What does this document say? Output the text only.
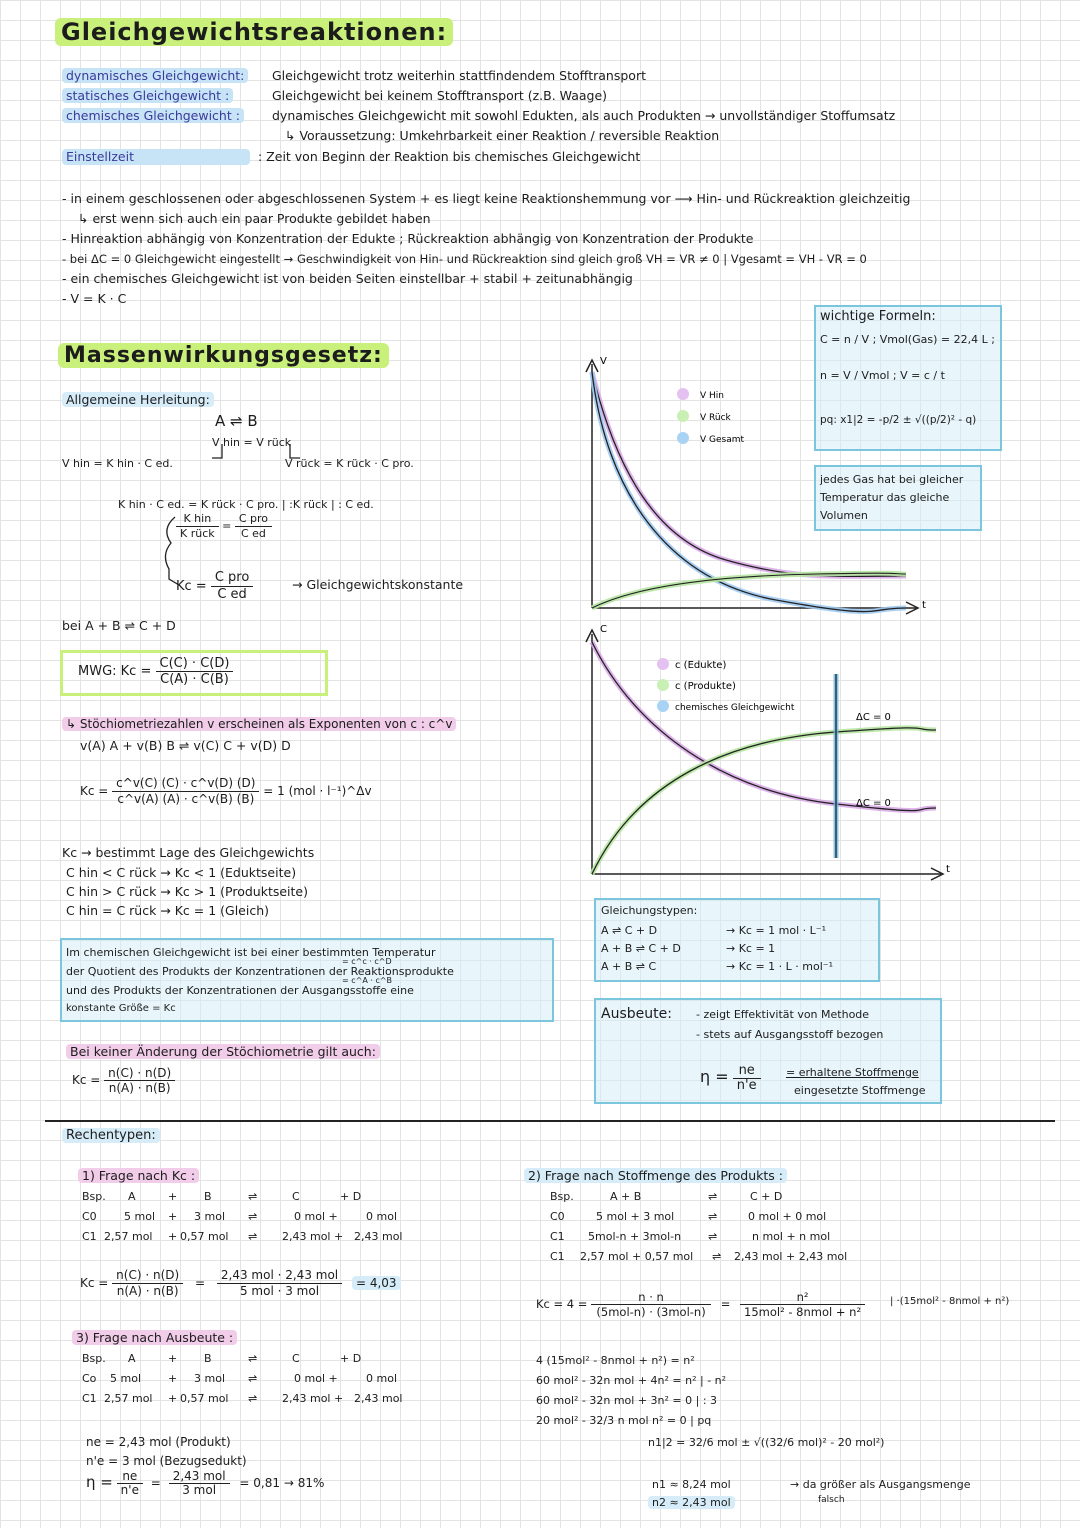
Gleichgewichtsreaktionen:
dynamisches Gleichgewicht:	Gleichgewicht trotz weiterhin stattfindendem Stofftransport
statisches Gleichgewicht :	Gleichgewicht bei keinem Stofftransport (z.B. Waage)
chemisches Gleichgewicht :	dynamisches Gleichgewicht mit sowohl Edukten, als auch Produkten → unvollständiger Stoffumsatz
↳ Voraussetzung: Umkehrbarkeit einer Reaktion / reversible Reaktion
Einstellzeit	: Zeit von Beginn der Reaktion bis chemisches Gleichgewicht
- in einem geschlossenen oder abgeschlossenen System + es liegt keine Reaktionshemmung vor ⟶ Hin- und Rückreaktion gleichzeitig
↳ erst wenn sich auch ein paar Produkte gebildet haben
- Hinreaktion abhängig von Konzentration der Edukte ; Rückreaktion abhängig von Konzentration der Produkte
- bei ΔC = 0 Gleichgewicht eingestellt → Geschwindigkeit von Hin- und Rückreaktion sind gleich groß VH = VR ≠ 0 | Vgesamt = VH - VR = 0
- ein chemisches Gleichgewicht ist von beiden Seiten einstellbar + stabil + zeitunabhängig
- V = K · C
wichtige Formeln:
C = n / V ; Vmol(Gas) = 22,4 L ;
n = V / Vmol ; V = c / t
pq: x1|2 = -p/2 ± √((p/2)² - q)
jedes Gas hat bei gleicher
Temperatur das gleiche
Volumen
Massenwirkungsgesetz:
Allgemeine Herleitung:
A ⇌ B
V hin = V rück
V hin = K hin · C ed.	V rück = K rück · C pro.
K hin · C ed. = K rück · C pro. | :K rück | : C ed.
$\frac{\text{K hin}}{\text{K rück}} = \frac{\text{C pro}}{\text{C ed}}$
$Kc = \frac{\text{C pro}}{\text{C ed}}$	→ Gleichgewichtskonstante
bei A + B ⇌ C + D
MWG: $Kc = \frac{C(C) \cdot C(D)}{C(A) \cdot C(B)}$
↳ Stöchiometriezahlen v erscheinen als Exponenten von c : c^v
v(A) A + v(B) B ⇌ v(C) C + v(D) D
$Kc = \frac{c\^{}v(C) (C) \cdot c\^{}v(D) (D)}{c\^{}v(A) (A) \cdot c\^{}v(B) (B)} = 1$ (mol · l⁻¹)^Δv
Kc → bestimmt Lage des Gleichgewichts
C hin < C rück → Kc < 1 (Eduktseite)
C hin > C rück → Kc > 1 (Produktseite)
C hin = C rück → Kc = 1 (Gleich)
Im chemischen Gleichgewicht ist bei einer bestimmten Temperatur
der Quotient des Produkts der Konzentrationen der Reaktionsprodukte
und des Produkts der Konzentrationen der Ausgangsstoffe eine
konstante Größe = Kc
= c^c · c^D
= c^A · c^B
Bei keiner Änderung der Stöchiometrie gilt auch:
$Kc = \frac{n(C) \cdot n(D)}{n(A) \cdot n(B)}$
V
t
V Hin
V Rück
V Gesamt
C
t
c (Edukte)
c (Produkte)
chemisches Gleichgewicht
ΔC = 0
ΔC = 0
Gleichungstypen:
A ⇌ C + D	→ Kc = 1 mol · L⁻¹
A + B ⇌ C + D	→ Kc = 1
A + B ⇌ C	→ Kc = 1 · L · mol⁻¹
Ausbeute: - zeigt Effektivität von Methode
- stets auf Ausgangsstoff bezogen
$\eta = \frac{ne}{n'e}$ = erhaltene Stoffmenge
eingesetzte Stoffmenge
Rechentypen:
1) Frage nach Kc :
Bsp. A	+ B	⇌	C	+ D
C0 5 mol + 3 mol ⇌	0 mol +	0 mol
C1 2,57 mol + 0,57 mol ⇌ 2,43 mol + 2,43 mol
$Kc = \frac{n(C) \cdot n(D)}{n(A) \cdot n(B)} = \frac{\text{2,43 mol · 2,43 mol}}{\text{5 mol · 3 mol}} = 4,03$
3) Frage nach Ausbeute :
Bsp. A	+ B	⇌	C	+ D
Co 5 mol + 3 mol ⇌	0 mol +	0 mol
C1 2,57 mol + 0,57 mol ⇌ 2,43 mol + 2,43 mol
ne = 2,43 mol (Produkt)
n'e = 3 mol (Bezugsedukt)
$\eta = \frac{ne}{n'e} = \frac{\text{2,43 mol}}{\text{3 mol}} = 0,81 \to 81\%$
2) Frage nach Stoffmenge des Produkts :
Bsp.	A + B	⇌	C + D
C0	5 mol + 3 mol	⇌	0 mol + 0 mol
C1 5mol-n + 3mol-n ⇌	n mol + n mol
C1 2,57 mol + 0,57 mol ⇌ 2,43 mol + 2,43 mol
$Kc = 4 = \frac{n \cdot n}{\text{(5mol-n) · (3mol-n)}} = \frac{\text{n²}}{\text{15mol² - 8nmol + n²}}$ | ·(15mol² - 8nmol + n²)
4 (15mol² - 8nmol + n²) = n²
60 mol² - 32n mol + 4n² = n² | - n²
60 mol² - 32n mol + 3n² = 0 | : 3
20 mol² - 32/3 n mol n² = 0 | pq
n1|2 = 32/6 mol ± √((32/6 mol)² - 20 mol²)
n1 ≈ 8,24 mol	→ da größer als Ausgangsmenge
falsch
n2 ≈ 2,43 mol
